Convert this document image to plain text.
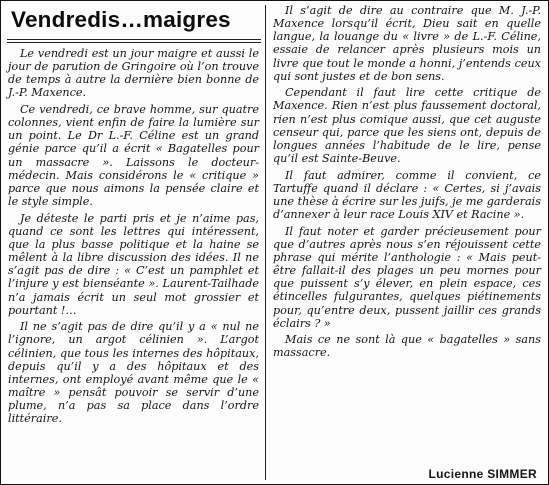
Vendredis…maigres

Le vendredi est un jour maigre et aussi le jour de parution de Gringoire où l’on trouve de temps à autre la dernière bien bonne de J.-P. Maxence.

Ce vendredi, ce brave homme, sur quatre colonnes, vient enfin de faire la lumière sur un point. Le Dr L.-F. Céline est un grand génie parce qu’il a écrit « Bagatelles pour un massacre ». Laissons le docteur-médecin. Mais considérons le « critique » parce que nous aimons la pensée claire et le style simple.

Je déteste le parti pris et je n’aime pas, quand ce sont les lettres qui intéressent, que la plus basse politique et la haine se mêlent à la libre discussion des idées. Il ne s’agit pas de dire : « C’est un pamphlet et l’injure y est bienséante ». Laurent-Tailhade n’a jamais écrit un seul mot grossier et pourtant !…

Il ne s’agit pas de dire qu’il y a « nul ne l’ignore, un argot célinien ». L’argot célinien, que tous les internes des hôpitaux, depuis qu’il y a des hôpitaux et des internes, ont employé avant même que le « maître » pensât pouvoir se servir d’une plume, n’a pas sa place dans l’ordre littéraire.

Il s’agit de dire au contraire que M. J.-P. Maxence lorsqu’il écrit, Dieu sait en quelle langue, la louange du « livre » de L.-F. Céline, essaie de relancer après plusieurs mois un livre que tout le monde a honni, j’entends ceux qui sont justes et de bon sens.

Cependant il faut lire cette critique de Maxence. Rien n’est plus faussement doctoral, rien n’est plus comique aussi, que cet auguste censeur qui, parce que les siens ont, depuis de longues années l’habitude de le lire, pense qu’il est Sainte-Beuve.

Il faut admirer, comme il convient, ce Tartuffe quand il déclare : « Certes, si j’avais une thèse à écrire sur les juifs, je me garderais d’annexer à leur race Louis XIV et Racine ».

Il faut noter et garder précieusement pour que d’autres après nous s’en réjouissent cette phrase qui mérite l’anthologie : « Mais peut-être fallait-il des plages un peu mornes pour que puissent s’y élever, en plein espace, ces étincelles fulgurantes, quelques piétinements pour, qu’entre deux, pussent jaillir ces grands éclairs ? »

Mais ce ne sont là que « bagatelles » sans massacre.

Lucienne SIMMER
